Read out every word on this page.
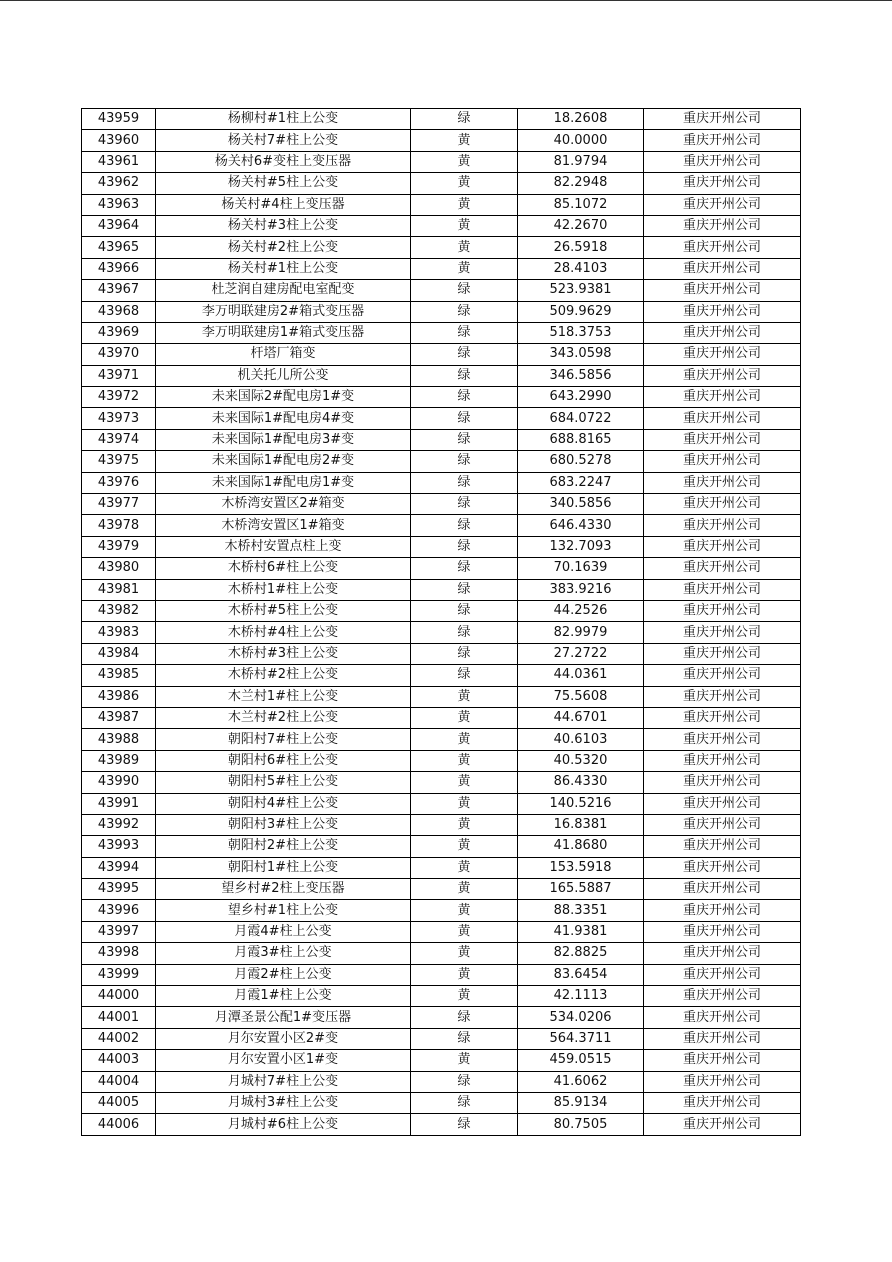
43959	杨柳村#1柱上公变	绿	18.2608	重庆开州公司
43960	杨关村7#柱上公变	黄	40.0000	重庆开州公司
43961	杨关村6#变柱上变压器	黄	81.9794	重庆开州公司
43962	杨关村#5柱上公变	黄	82.2948	重庆开州公司
43963	杨关村#4柱上变压器	黄	85.1072	重庆开州公司
43964	杨关村#3柱上公变	黄	42.2670	重庆开州公司
43965	杨关村#2柱上公变	黄	26.5918	重庆开州公司
43966	杨关村#1柱上公变	黄	28.4103	重庆开州公司
43967	杜芝润自建房配电室配变	绿	523.9381	重庆开州公司
43968	李万明联建房2#箱式变压器	绿	509.9629	重庆开州公司
43969	李万明联建房1#箱式变压器	绿	518.3753	重庆开州公司
43970	杆塔厂箱变	绿	343.0598	重庆开州公司
43971	机关托儿所公变	绿	346.5856	重庆开州公司
43972	未来国际2#配电房1#变	绿	643.2990	重庆开州公司
43973	未来国际1#配电房4#变	绿	684.0722	重庆开州公司
43974	未来国际1#配电房3#变	绿	688.8165	重庆开州公司
43975	未来国际1#配电房2#变	绿	680.5278	重庆开州公司
43976	未来国际1#配电房1#变	绿	683.2247	重庆开州公司
43977	木桥湾安置区2#箱变	绿	340.5856	重庆开州公司
43978	木桥湾安置区1#箱变	绿	646.4330	重庆开州公司
43979	木桥村安置点柱上变	绿	132.7093	重庆开州公司
43980	木桥村6#柱上公变	绿	70.1639	重庆开州公司
43981	木桥村1#柱上公变	绿	383.9216	重庆开州公司
43982	木桥村#5柱上公变	绿	44.2526	重庆开州公司
43983	木桥村#4柱上公变	绿	82.9979	重庆开州公司
43984	木桥村#3柱上公变	绿	27.2722	重庆开州公司
43985	木桥村#2柱上公变	绿	44.0361	重庆开州公司
43986	木兰村1#柱上公变	黄	75.5608	重庆开州公司
43987	木兰村#2柱上公变	黄	44.6701	重庆开州公司
43988	朝阳村7#柱上公变	黄	40.6103	重庆开州公司
43989	朝阳村6#柱上公变	黄	40.5320	重庆开州公司
43990	朝阳村5#柱上公变	黄	86.4330	重庆开州公司
43991	朝阳村4#柱上公变	黄	140.5216	重庆开州公司
43992	朝阳村3#柱上公变	黄	16.8381	重庆开州公司
43993	朝阳村2#柱上公变	黄	41.8680	重庆开州公司
43994	朝阳村1#柱上公变	黄	153.5918	重庆开州公司
43995	望乡村#2柱上变压器	黄	165.5887	重庆开州公司
43996	望乡村#1柱上公变	黄	88.3351	重庆开州公司
43997	月霞4#柱上公变	黄	41.9381	重庆开州公司
43998	月霞3#柱上公变	黄	82.8825	重庆开州公司
43999	月霞2#柱上公变	黄	83.6454	重庆开州公司
44000	月霞1#柱上公变	黄	42.1113	重庆开州公司
44001	月潭圣景公配1#变压器	绿	534.0206	重庆开州公司
44002	月尔安置小区2#变	绿	564.3711	重庆开州公司
44003	月尔安置小区1#变	黄	459.0515	重庆开州公司
44004	月城村7#柱上公变	绿	41.6062	重庆开州公司
44005	月城村3#柱上公变	绿	85.9134	重庆开州公司
44006	月城村#6柱上公变	绿	80.7505	重庆开州公司
